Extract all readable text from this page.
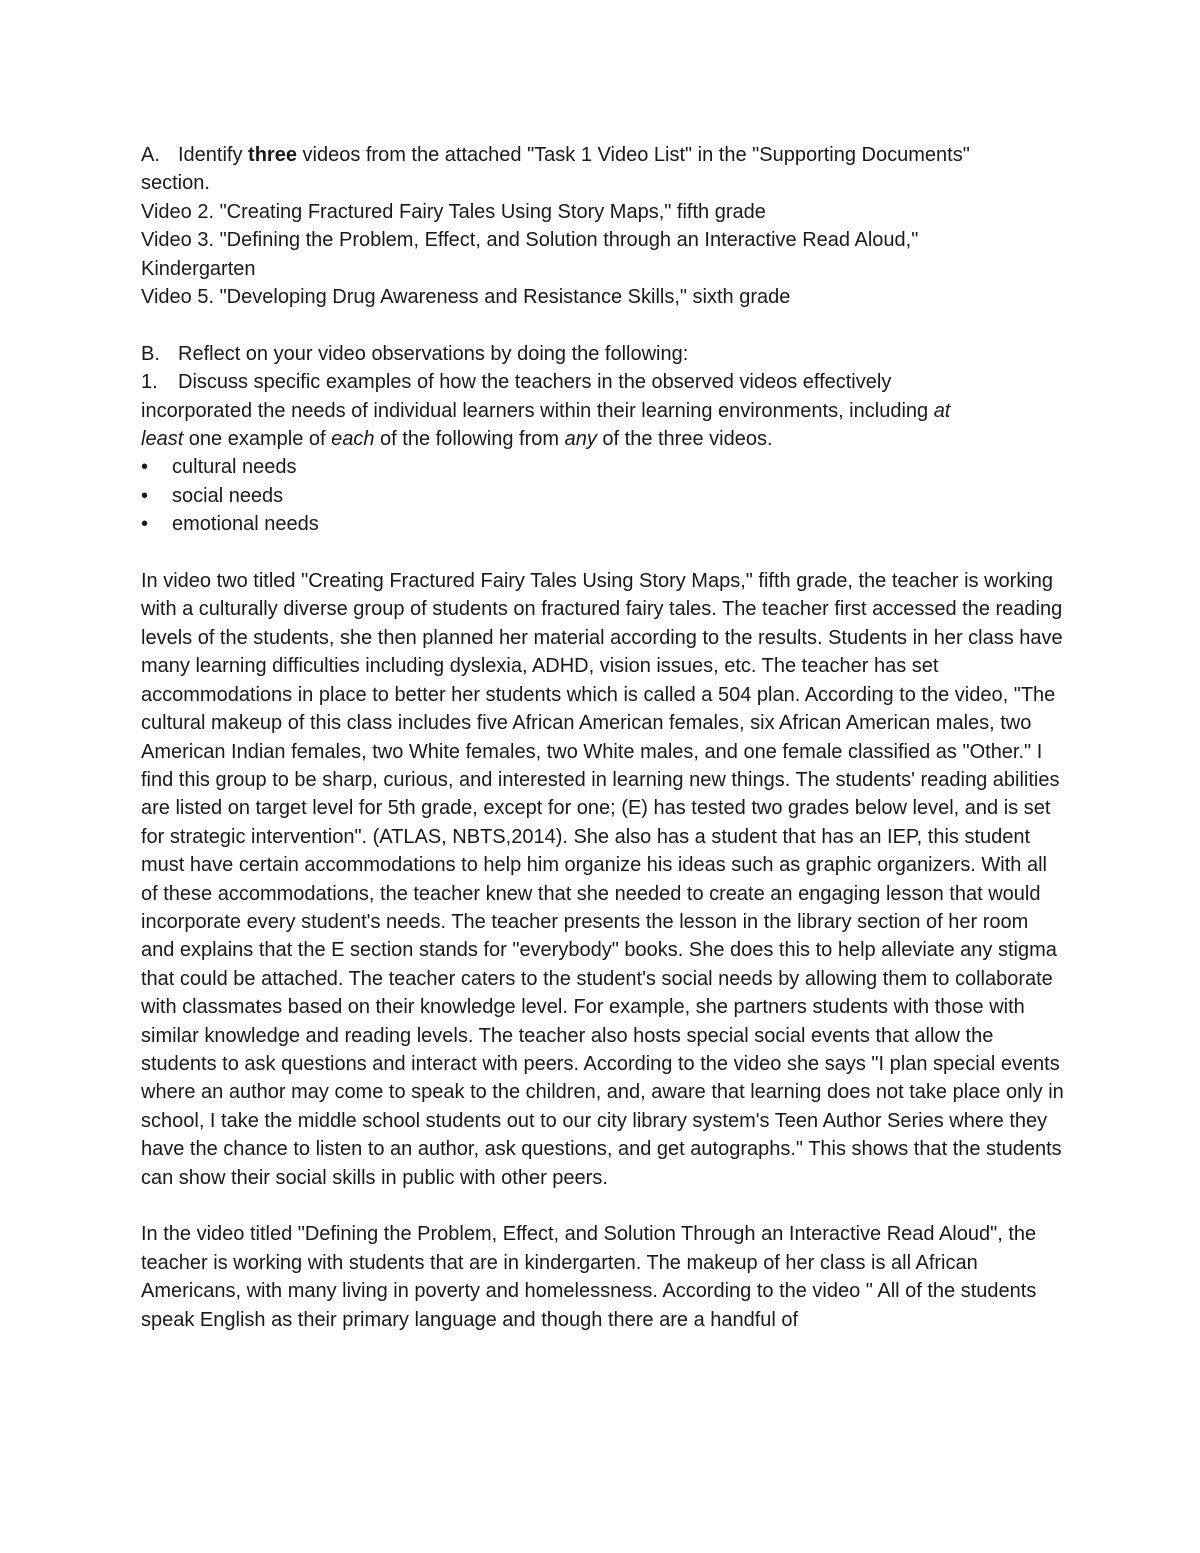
A. Identify three videos from the attached "Task 1 Video List" in the "Supporting Documents"

section.

Video 2. "Creating Fractured Fairy Tales Using Story Maps," fifth grade

Video 3. "Defining the Problem, Effect, and Solution through an Interactive Read Aloud,"

Kindergarten

Video 5. "Developing Drug Awareness and Resistance Skills," sixth grade

B. Reflect on your video observations by doing the following:

1. Discuss specific examples of how the teachers in the observed videos effectively

incorporated the needs of individual learners within their learning environments, including at

least one example of each of the following from any of the three videos.

•	cultural needs
•	social needs
•	emotional needs

In video two titled "Creating Fractured Fairy Tales Using Story Maps," fifth grade, the teacher is working with a culturally diverse group of students on fractured fairy tales. The teacher first accessed the reading levels of the students, she then planned her material according to the results. Students in her class have many learning difficulties including dyslexia, ADHD, vision issues, etc. The teacher has set accommodations in place to better her students which is called a 504 plan. According to the video, "The cultural makeup of this class includes five African American females, six African American males, two American Indian females, two White females, two White males, and one female classified as "Other." I find this group to be sharp, curious, and interested in learning new things. The students' reading abilities are listed on target level for 5th grade, except for one; (E) has tested two grades below level, and is set for strategic intervention". (ATLAS, NBTS,2014). She also has a student that has an IEP, this student must have certain accommodations to help him organize his ideas such as graphic organizers. With all of these accommodations, the teacher knew that she needed to create an engaging lesson that would incorporate every student's needs. The teacher presents the lesson in the library section of her room and explains that the E section stands for "everybody" books. She does this to help alleviate any stigma that could be attached. The teacher caters to the student's social needs by allowing them to collaborate with classmates based on their knowledge level. For example, she partners students with those with similar knowledge and reading levels. The teacher also hosts special social events that allow the students to ask questions and interact with peers. According to the video she says "I plan special events where an author may come to speak to the children, and, aware that learning does not take place only in school, I take the middle school students out to our city library system's Teen Author Series where they have the chance to listen to an author, ask questions, and get autographs." This shows that the students can show their social skills in public with other peers.

In the video titled "Defining the Problem, Effect, and Solution Through an Interactive Read Aloud", the teacher is working with students that are in kindergarten. The makeup of her class is all African Americans, with many living in poverty and homelessness. According to the video " All of the students speak English as their primary language and though there are a handful of
